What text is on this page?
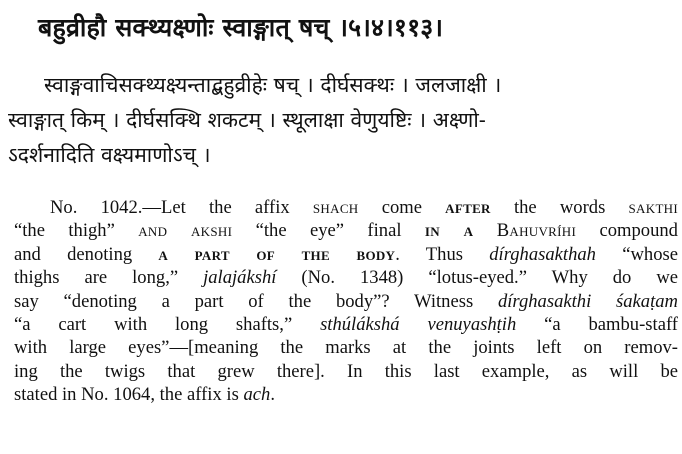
बहुव्रीहौ सक्थ्यक्ष्णोः स्वाङ्गात् षच् ।५।४।११३।
स्वाङ्गवाचिसक्थ्यक्ष्यन्ताद्बहुव्रीहेः षच् । दीर्घसक्थः । जलजाक्षी ।
स्वाङ्गात् किम् । दीर्घसक्थि शकटम् । स्थूलाक्षा वेणुयष्टिः । अक्ष्णो-
ऽदर्शनादिति वक्ष्यमाणोऽच् ।
No. 1042.—Let the affix shach come after the words sakthi
“the thigh” and akshi “the eye” final in a Bahuvríhi compound
and denoting a part of the body. Thus dírghasakthah “whose
thighs are long,” jalajákshí (No. 1348) “lotus-eyed.” Why do we
say “denoting a part of the body”? Witness dírghasakthi śakaṭam
“a cart with long shafts,” sthúlákshá venuyashṭih “a bambu-staff
with large eyes”—[meaning the marks at the joints left on remov-
ing the twigs that grew there]. In this last example, as will be
stated in No. 1064, the affix is ach.
